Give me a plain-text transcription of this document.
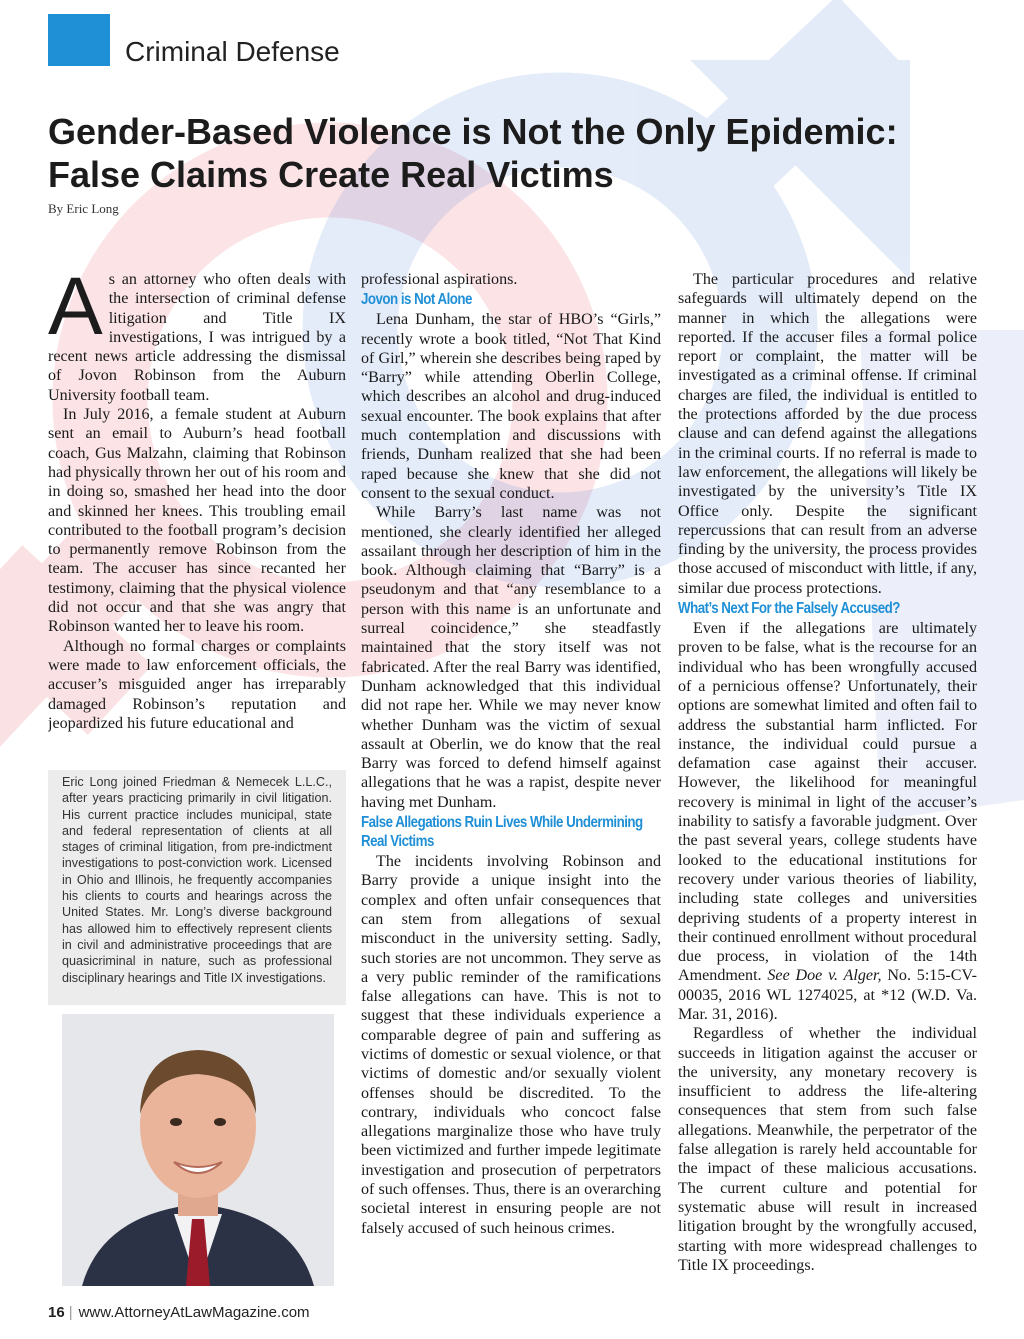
Criminal Defense
Gender-Based Violence is Not the Only Epidemic: False Claims Create Real Victims
By Eric Long

As an attorney who often deals with the intersection of criminal defense litigation and Title IX investigations, I was intrigued by a recent news article addressing the dismissal of Jovon Robinson from the Auburn University football team.

In July 2016, a female student at Auburn sent an email to Auburn’s head football coach, Gus Malzahn, claiming that Robinson had physically thrown her out of his room and in doing so, smashed her head into the door and skinned her knees. This troubling email contributed to the football program’s decision to permanently remove Robinson from the team. The accuser has since recanted her testimony, claiming that the physical violence did not occur and that she was angry that Robinson wanted her to leave his room.

Although no formal charges or complaints were made to law enforcement officials, the accuser’s misguided anger has irreparably damaged Robinson’s reputation and jeopardized his future educational and

Eric Long joined Friedman & Nemecek L.L.C., after years practicing primarily in civil litigation. His current practice includes municipal, state and federal representation of clients at all stages of criminal litigation, from pre-indictment investigations to post-conviction work. Licensed in Ohio and Illinois, he frequently accompanies his clients to courts and hearings across the United States. Mr. Long’s diverse background has allowed him to effectively represent clients in civil and administrative proceedings that are quasicriminal in nature, such as professional disciplinary hearings and Title IX investigations.

professional aspirations.

Jovon is Not Alone

Lena Dunham, the star of HBO’s “Girls,” recently wrote a book titled, “Not That Kind of Girl,” wherein she describes being raped by “Barry” while attending Oberlin College, which describes an alcohol and drug-induced sexual encounter. The book explains that after much contemplation and discussions with friends, Dunham realized that she had been raped because she knew that she did not consent to the sexual conduct.

While Barry’s last name was not mentioned, she clearly identified her alleged assailant through her description of him in the book. Although claiming that “Barry” is a pseudonym and that “any resemblance to a person with this name is an unfortunate and surreal coincidence,” she steadfastly maintained that the story itself was not fabricated. After the real Barry was identified, Dunham acknowledged that this individual did not rape her. While we may never know whether Dunham was the victim of sexual assault at Oberlin, we do know that the real Barry was forced to defend himself against allegations that he was a rapist, despite never having met Dunham.

False Allegations Ruin Lives While Undermining Real Victims

The incidents involving Robinson and Barry provide a unique insight into the complex and often unfair consequences that can stem from allegations of sexual misconduct in the university setting. Sadly, such stories are not uncommon. They serve as a very public reminder of the ramifications false allegations can have. This is not to suggest that these individuals experience a comparable degree of pain and suffering as victims of domestic or sexual violence, or that victims of domestic and/or sexually violent offenses should be discredited. To the contrary, individuals who concoct false allegations marginalize those who have truly been victimized and further impede legitimate investigation and prosecution of perpetrators of such offenses. Thus, there is an overarching societal interest in ensuring people are not falsely accused of such heinous crimes.

The particular procedures and relative safeguards will ultimately depend on the manner in which the allegations were reported. If the accuser files a formal police report or complaint, the matter will be investigated as a criminal offense. If criminal charges are filed, the individual is entitled to the protections afforded by the due process clause and can defend against the allegations in the criminal courts. If no referral is made to law enforcement, the allegations will likely be investigated by the university’s Title IX Office only. Despite the significant repercussions that can result from an adverse finding by the university, the process provides those accused of misconduct with little, if any, similar due process protections.

What’s Next For the Falsely Accused?

Even if the allegations are ultimately proven to be false, what is the recourse for an individual who has been wrongfully accused of a pernicious offense? Unfortunately, their options are somewhat limited and often fail to address the substantial harm inflicted. For instance, the individual could pursue a defamation case against their accuser. However, the likelihood for meaningful recovery is minimal in light of the accuser’s inability to satisfy a favorable judgment. Over the past several years, college students have looked to the educational institutions for recovery under various theories of liability, including state colleges and universities depriving students of a property interest in their continued enrollment without procedural due process, in violation of the 14th Amendment. See Doe v. Alger, No. 5:15-CV-00035, 2016 WL 1274025, at *12 (W.D. Va. Mar. 31, 2016).

Regardless of whether the individual succeeds in litigation against the accuser or the university, any monetary recovery is insufficient to address the life-altering consequences that stem from such false allegations. Meanwhile, the perpetrator of the false allegation is rarely held accountable for the impact of these malicious accusations. The current culture and potential for systematic abuse will result in increased litigation brought by the wrongfully accused, starting with more widespread challenges to Title IX proceedings.

16 | www.AttorneyAtLawMagazine.com
